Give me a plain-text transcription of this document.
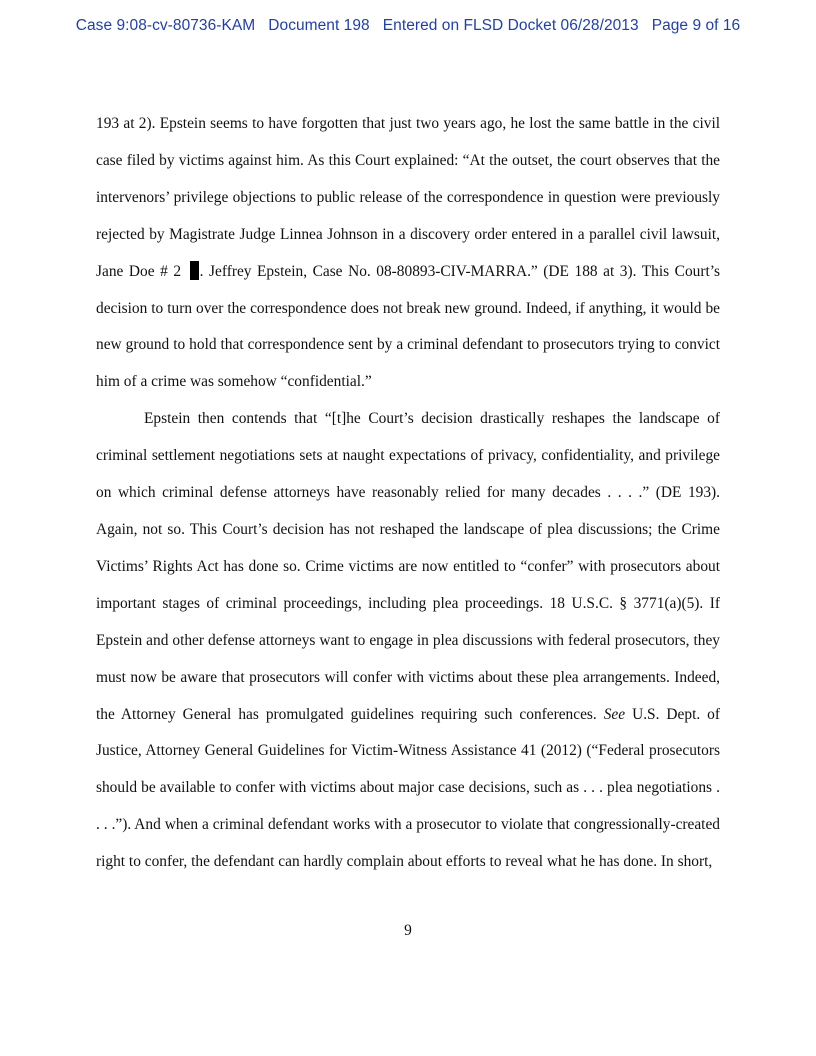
Case 9:08-cv-80736-KAM Document 198 Entered on FLSD Docket 06/28/2013 Page 9 of 16

193 at 2). Epstein seems to have forgotten that just two years ago, he lost the same battle in the civil case filed by victims against him. As this Court explained: “At the outset, the court observes that the intervenors’ privilege objections to public release of the correspondence in question were previously rejected by Magistrate Judge Linnea Johnson in a discovery order entered in a parallel civil lawsuit, Jane Doe # 2 . Jeffrey Epstein, Case No. 08-80893-CIV-MARRA.” (DE 188 at 3). This Court’s decision to turn over the correspondence does not break new ground. Indeed, if anything, it would be new ground to hold that correspondence sent by a criminal defendant to prosecutors trying to convict him of a crime was somehow “confidential.”

Epstein then contends that “[t]he Court’s decision drastically reshapes the landscape of criminal settlement negotiations sets at naught expectations of privacy, confidentiality, and privilege on which criminal defense attorneys have reasonably relied for many decades . . . .” (DE 193). Again, not so. This Court’s decision has not reshaped the landscape of plea discussions; the Crime Victims’ Rights Act has done so. Crime victims are now entitled to “confer” with prosecutors about important stages of criminal proceedings, including plea proceedings. 18 U.S.C. § 3771(a)(5). If Epstein and other defense attorneys want to engage in plea discussions with federal prosecutors, they must now be aware that prosecutors will confer with victims about these plea arrangements. Indeed, the Attorney General has promulgated guidelines requiring such conferences. See U.S. Dept. of Justice, Attorney General Guidelines for Victim-Witness Assistance 41 (2012) (“Federal prosecutors should be available to confer with victims about major case decisions, such as . . . plea negotiations . . . .”). And when a criminal defendant works with a prosecutor to violate that congressionally-created right to confer, the defendant can hardly complain about efforts to reveal what he has done. In short,

9
